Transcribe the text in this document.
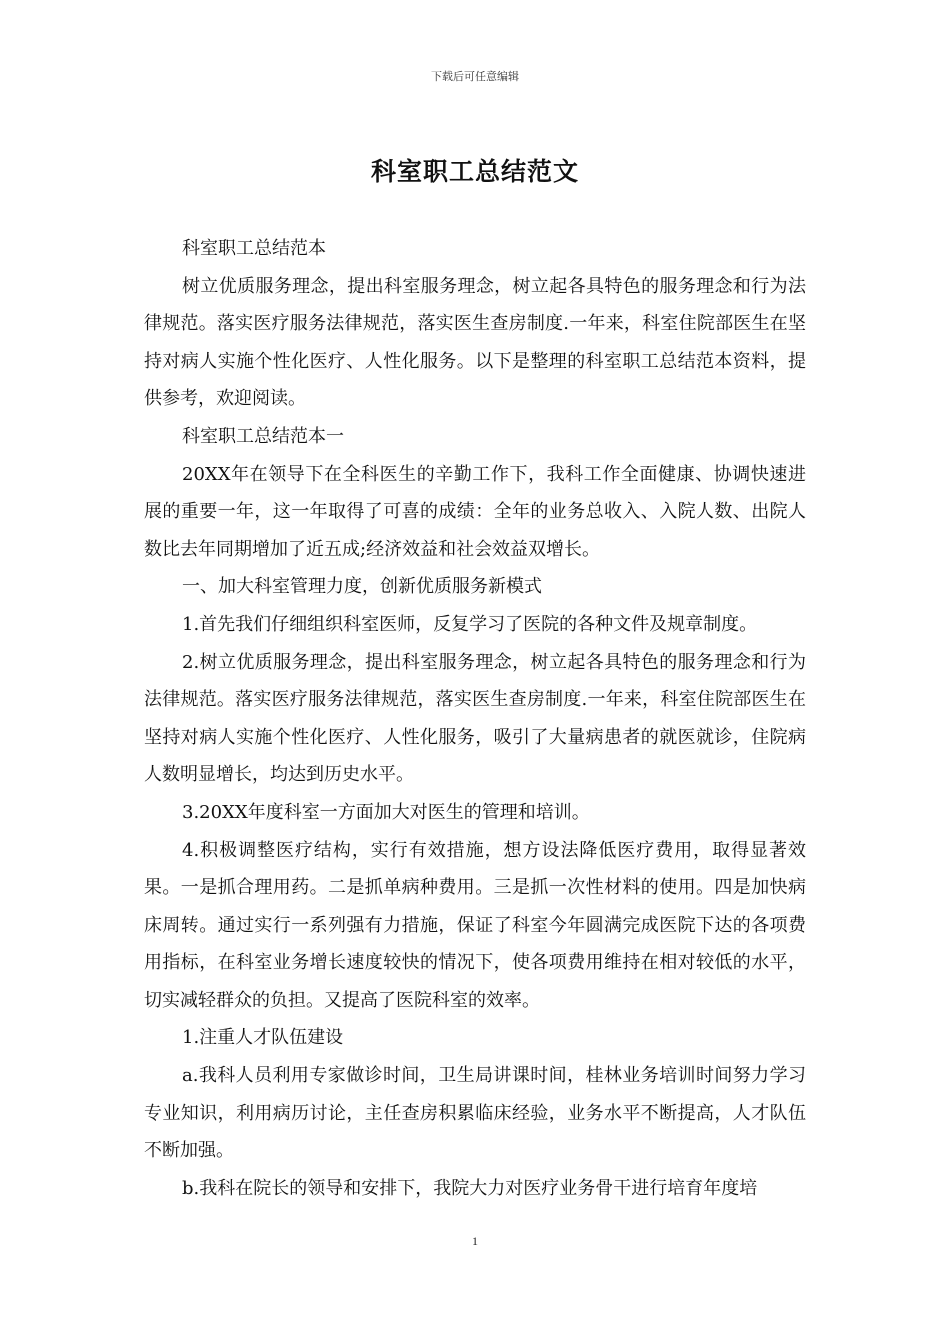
下载后可任意编辑
科室职工总结范文

科室职工总结范本

树立优质服务理念，提出科室服务理念，树立起各具特色的服务理念和行为法律规范。落实医疗服务法律规范，落实医生查房制度.一年来，科室住院部医生在坚持对病人实施个性化医疗、人性化服务。以下是整理的科室职工总结范本资料，提供参考，欢迎阅读。

科室职工总结范本一

20XX年在领导下在全科医生的辛勤工作下，我科工作全面健康、协调快速进展的重要一年，这一年取得了可喜的成绩：全年的业务总收入、入院人数、出院人数比去年同期增加了近五成;经济效益和社会效益双增长。

一、加大科室管理力度，创新优质服务新模式

1.首先我们仔细组织科室医师，反复学习了医院的各种文件及规章制度。

2.树立优质服务理念，提出科室服务理念，树立起各具特色的服务理念和行为法律规范。落实医疗服务法律规范，落实医生查房制度.一年来，科室住院部医生在坚持对病人实施个性化医疗、人性化服务，吸引了大量病患者的就医就诊，住院病人数明显增长，均达到历史水平。

3.20XX年度科室一方面加大对医生的管理和培训。

4.积极调整医疗结构，实行有效措施，想方设法降低医疗费用，取得显著效果。一是抓合理用药。二是抓单病种费用。三是抓一次性材料的使用。四是加快病床周转。通过实行一系列强有力措施，保证了科室今年圆满完成医院下达的各项费用指标，在科室业务增长速度较快的情况下，使各项费用维持在相对较低的水平，切实减轻群众的负担。又提高了医院科室的效率。

1.注重人才队伍建设

a.我科人员利用专家做诊时间，卫生局讲课时间，桂林业务培训时间努力学习专业知识，利用病历讨论，主任查房积累临床经验，业务水平不断提高，人才队伍不断加强。

b.我科在院长的领导和安排下，我院大力对医疗业务骨干进行培育年度培

1
